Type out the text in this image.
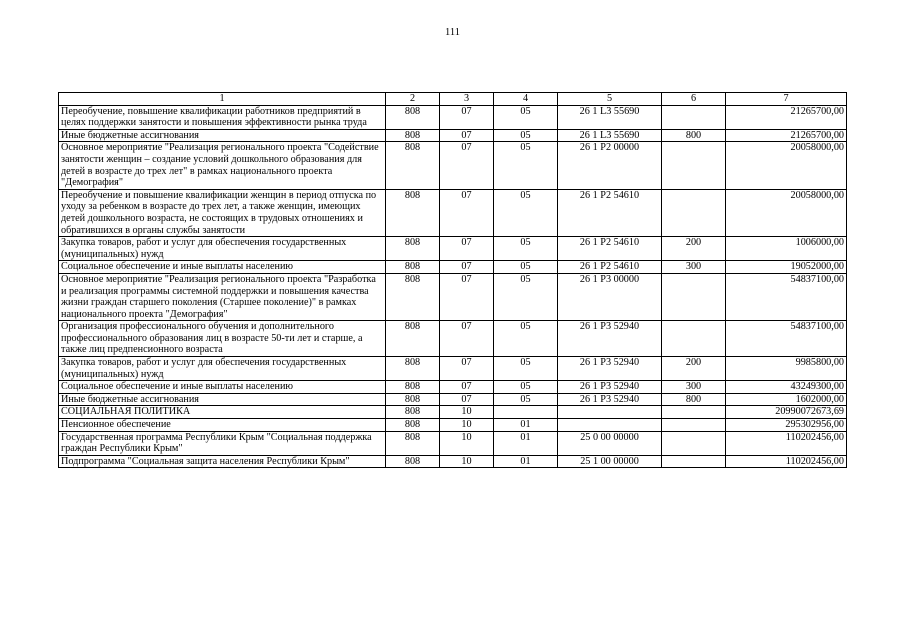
111
1	2	3	4	5	6	7
Переобучение, повышение квалификации работников предприятий в целях поддержки занятости и повышения эффективности рынка труда	808	07	05	26 1 L3 55690		21265700,00
Иные бюджетные ассигнования	808	07	05	26 1 L3 55690	800	21265700,00
Основное мероприятие "Реализация регионального проекта "Содействие занятости женщин – создание условий дошкольного образования для детей в возрасте до трех лет" в рамках национального проекта "Демография"	808	07	05	26 1 P2 00000		20058000,00
Переобучение и повышение квалификации женщин в период отпуска по уходу за ребенком в возрасте до трех лет, а также женщин, имеющих детей дошкольного возраста, не состоящих в трудовых отношениях и обратившихся в органы службы занятости	808	07	05	26 1 P2 54610		20058000,00
Закупка товаров, работ и услуг для обеспечения государственных (муниципальных) нужд	808	07	05	26 1 P2 54610	200	1006000,00
Социальное обеспечение и иные выплаты населению	808	07	05	26 1 P2 54610	300	19052000,00
Основное мероприятие "Реализация регионального проекта "Разработка и реализация программы системной поддержки и повышения качества жизни граждан старшего поколения (Старшее поколение)" в рамках национального проекта "Демография"	808	07	05	26 1 P3 00000		54837100,00
Организация профессионального обучения и дополнительного профессионального образования лиц в возрасте 50-ти лет и старше, а также лиц предпенсионного возраста	808	07	05	26 1 P3 52940		54837100,00
Закупка товаров, работ и услуг для обеспечения государственных (муниципальных) нужд	808	07	05	26 1 P3 52940	200	9985800,00
Социальное обеспечение и иные выплаты населению	808	07	05	26 1 P3 52940	300	43249300,00
Иные бюджетные ассигнования	808	07	05	26 1 P3 52940	800	1602000,00
СОЦИАЛЬНАЯ ПОЛИТИКА	808	10				20990072673,69
Пенсионное обеспечение	808	10	01			295302956,00
Государственная программа Республики Крым "Социальная поддержка граждан Республики Крым"	808	10	01	25 0 00 00000		110202456,00
Подпрограмма "Социальная защита населения Республики Крым"	808	10	01	25 1 00 00000		110202456,00
